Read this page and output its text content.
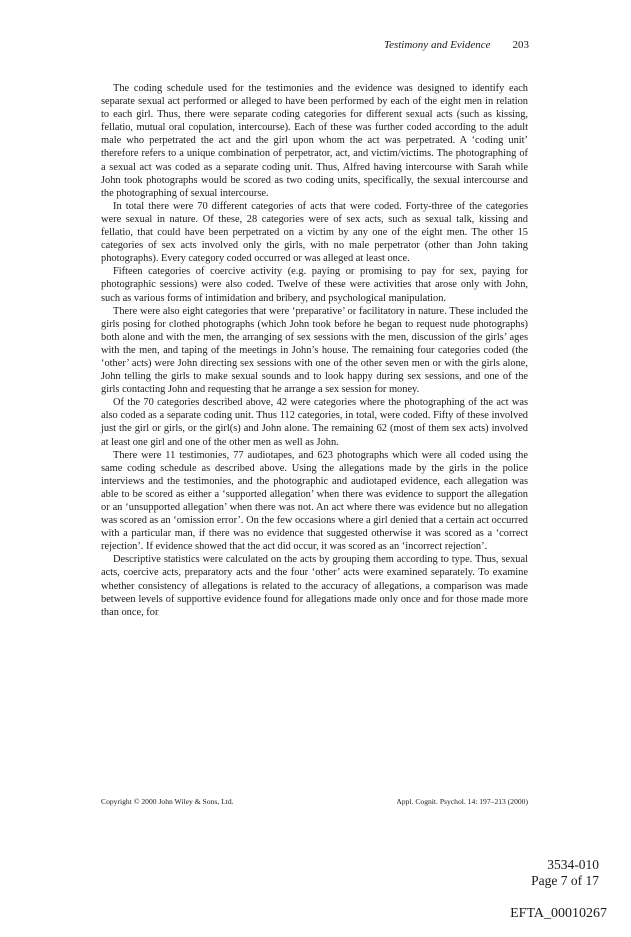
Testimony and Evidence 203

The coding schedule used for the testimonies and the evidence was designed to identify each separate sexual act performed or alleged to have been performed by each of the eight men in relation to each girl. Thus, there were separate coding categories for different sexual acts (such as kissing, fellatio, mutual oral copulation, intercourse). Each of these was further coded according to the adult male who perpetrated the act and the girl upon whom the act was perpetrated. A ‘coding unit’ therefore refers to a unique combination of perpetrator, act, and victim/victims. The photographing of a sexual act was coded as a separate coding unit. Thus, Alfred having intercourse with Sarah while John took photographs would be scored as two coding units, specifically, the sexual intercourse and the photographing of sexual intercourse.

In total there were 70 different categories of acts that were coded. Forty-three of the categories were sexual in nature. Of these, 28 categories were of sex acts, such as sexual talk, kissing and fellatio, that could have been perpetrated on a victim by any one of the eight men. The other 15 categories of sex acts involved only the girls, with no male perpetrator (other than John taking photographs). Every category coded occurred or was alleged at least once.

Fifteen categories of coercive activity (e.g. paying or promising to pay for sex, paying for photographic sessions) were also coded. Twelve of these were activities that arose only with John, such as various forms of intimidation and bribery, and psychological manipulation.

There were also eight categories that were ‘preparative’ or facilitatory in nature. These included the girls posing for clothed photographs (which John took before he began to request nude photographs) both alone and with the men, the arranging of sex sessions with the men, discussion of the girls’ ages with the men, and taping of the meetings in John’s house. The remaining four categories coded (the ‘other’ acts) were John directing sex sessions with one of the other seven men or with the girls alone, John telling the girls to make sexual sounds and to look happy during sex sessions, and one of the girls contacting John and requesting that he arrange a sex session for money.

Of the 70 categories described above, 42 were categories where the photographing of the act was also coded as a separate coding unit. Thus 112 categories, in total, were coded. Fifty of these involved just the girl or girls, or the girl(s) and John alone. The remaining 62 (most of them sex acts) involved at least one girl and one of the other men as well as John.

There were 11 testimonies, 77 audiotapes, and 623 photographs which were all coded using the same coding schedule as described above. Using the allegations made by the girls in the police interviews and the testimonies, and the photographic and audiotaped evidence, each allegation was able to be scored as either a ‘supported allegation’ when there was evidence to support the allegation or an ‘unsupported allegation’ when there was not. An act where there was evidence but no allegation was scored as an ‘omission error’. On the few occasions where a girl denied that a certain act occurred with a particular man, if there was no evidence that suggested otherwise it was scored as a ‘correct rejection’. If evidence showed that the act did occur, it was scored as an ‘incorrect rejection’.

Descriptive statistics were calculated on the acts by grouping them according to type. Thus, sexual acts, coercive acts, preparatory acts and the four ‘other’ acts were examined separately. To examine whether consistency of allegations is related to the accuracy of allegations, a comparison was made between levels of supportive evidence found for allegations made only once and for those made more than once, for

Copyright © 2000 John Wiley & Sons, Ltd.	Appl. Cognit. Psychol. 14: 197–213 (2000)
3534-010
Page 7 of 17
EFTA_00010267
